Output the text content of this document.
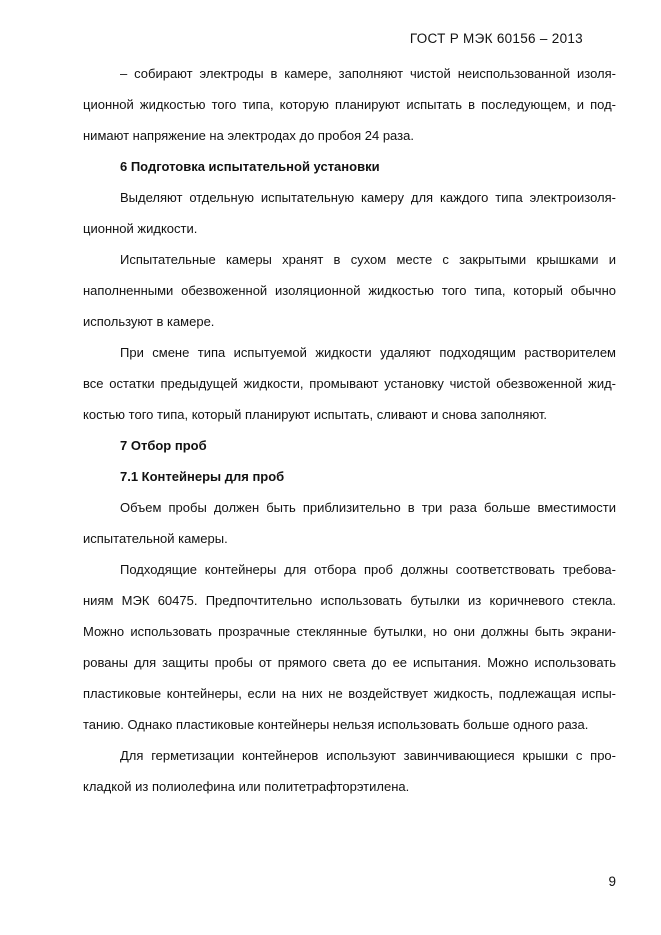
ГОСТ Р МЭК 60156 – 2013
– собирают электроды в камере, заполняют чистой неиспользованной изоля-
ционной жидкостью того типа, которую планируют испытать в последующем, и под-
нимают напряжение на электродах до пробоя 24 раза.
6 Подготовка испытательной установки
Выделяют отдельную испытательную камеру для каждого типа электроизоля-
ционной жидкости.
Испытательные камеры хранят в сухом месте с закрытыми крышками и
наполненными обезвоженной изоляционной жидкостью того типа, который обычно
используют в камере.
При смене типа испытуемой жидкости удаляют подходящим растворителем
все остатки предыдущей жидкости, промывают установку чистой обезвоженной жид-
костью того типа, который планируют испытать, сливают и снова заполняют.
7 Отбор проб
7.1 Контейнеры для проб
Объем пробы должен быть приблизительно в три раза больше вместимости
испытательной камеры.
Подходящие контейнеры для отбора проб должны соответствовать требова-
ниям МЭК 60475. Предпочтительно использовать бутылки из коричневого стекла.
Можно использовать прозрачные стеклянные бутылки, но они должны быть экрани-
рованы для защиты пробы от прямого света до ее испытания. Можно использовать
пластиковые контейнеры, если на них не воздействует жидкость, подлежащая испы-
танию. Однако пластиковые контейнеры нельзя использовать больше одного раза.
Для герметизации контейнеров используют завинчивающиеся крышки с про-
кладкой из полиолефина или политетрафторэтилена.
9
